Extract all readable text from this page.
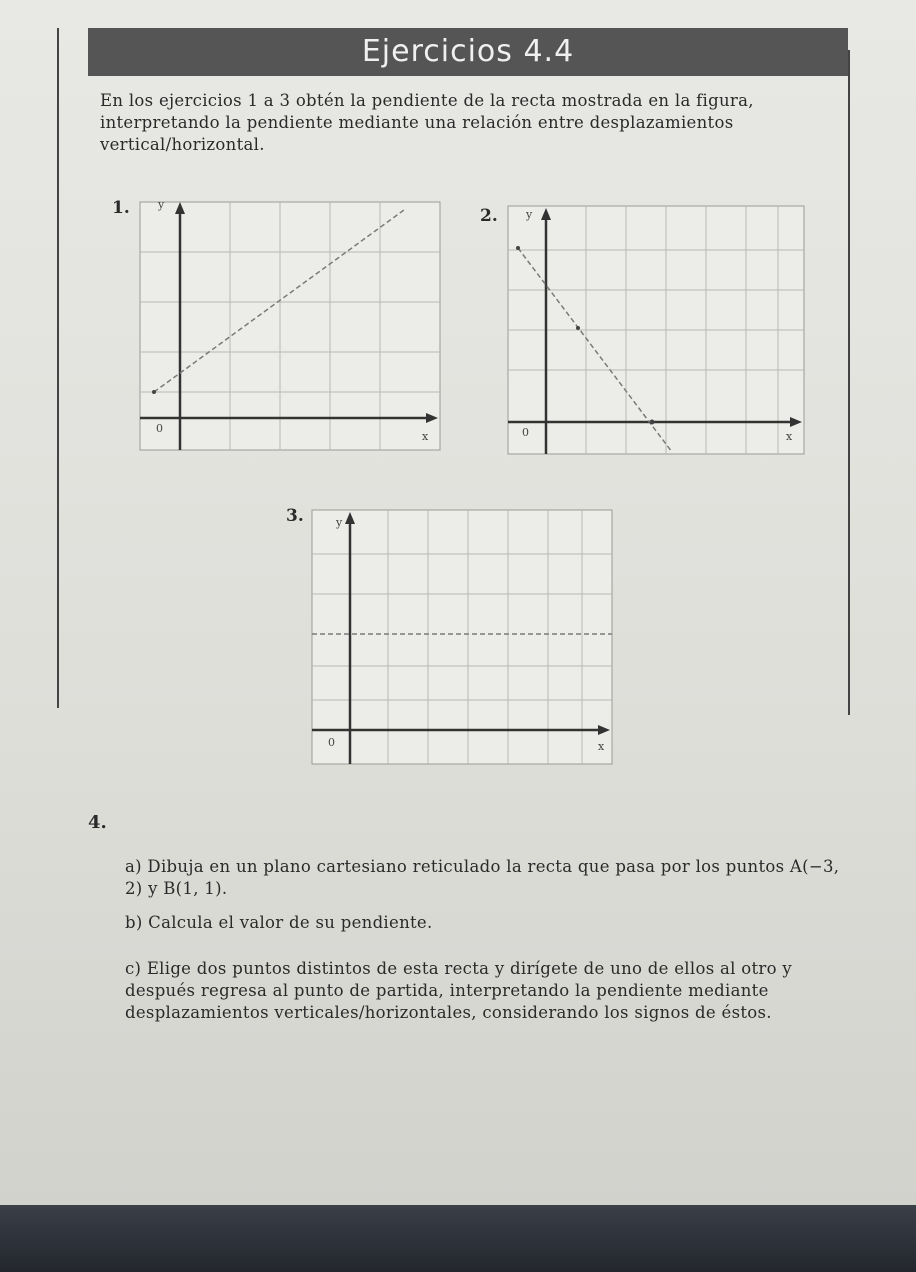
Ejercicios 4.4
En los ejercicios 1 a 3 obtén la pendiente de la recta mostrada en la figura, interpretando la pendiente mediante una relación entre desplazamientos vertical/horizontal.
1.	y
x
0
2.	y
x
0
3.	y
x
0
4.
a) Dibuja en un plano cartesiano reticulado la recta que pasa por los puntos A(−3, 2) y B(1, 1).
b) Calcula el valor de su pendiente.
c) Elige dos puntos distintos de esta recta y dirígete de uno de ellos al otro y después regresa al punto de partida, interpretando la pendiente mediante desplazamientos verticales/horizontales, considerando los signos de éstos.
